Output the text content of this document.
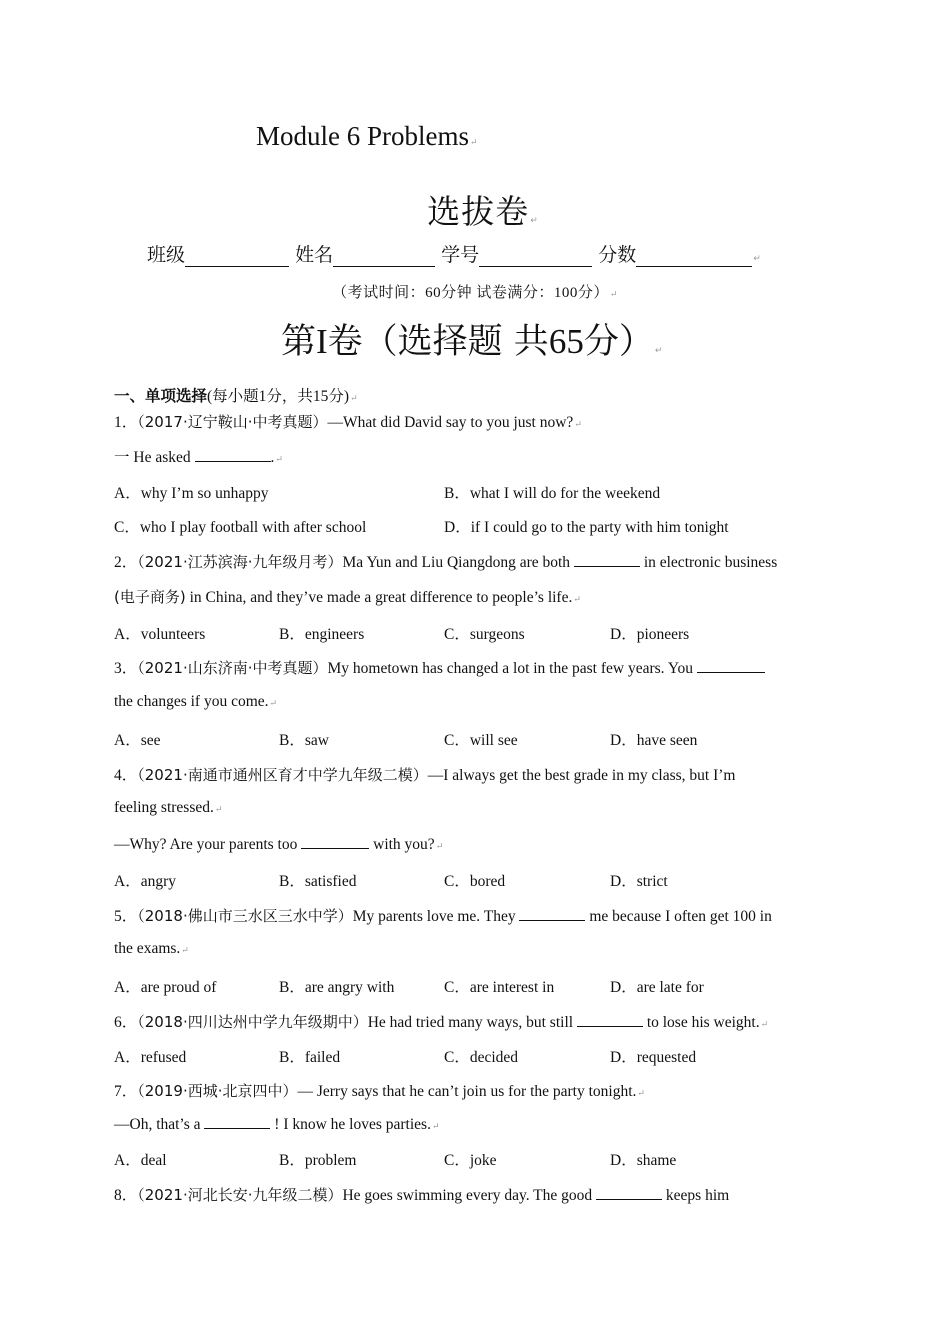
Module 6 Problems↵
选拔卷↵
班级	姓名	学号	分数	↵
（考试时间：60分钟 试卷满分：100分）↵
第I卷（选择题 共65分）↵
一、单项选择(每小题1分，共15分)↵
1．（2017·辽宁鞍山·中考真题）—What did David say to you just now?↵
一 He asked	.↵
A．why I’m so unhappy	B．what I will do for the weekend
C．who I play football with after school	D．if I could go to the party with him tonight
2．（2021·江苏滨海·九年级月考）Ma Yun and Liu Qiangdong are both	in electronic business
(电子商务) in China, and they’ve made a great difference to people’s life.↵
A．volunteers	B．engineers	C．surgeons	D．pioneers
3．（2021·山东济南·中考真题）My hometown has changed a lot in the past few years. You
the changes if you come.↵
A．see	B．saw	C．will see	D．have seen
4．（2021·南通市通州区育才中学九年级二模）—I always get the best grade in my class, but I’m
feeling stressed.↵
—Why? Are your parents too	with you?↵
A．angry	B．satisfied	C．bored	D．strict
5．（2018·佛山市三水区三水中学）My parents love me. They	me because I often get 100 in
the exams.↵
A．are proud of	B．are angry with	C．are interest in	D．are late for
6．（2018·四川达州中学九年级期中）He had tried many ways, but still	to lose his weight.↵
A．refused	B．failed	C．decided	D．requested
7．（2019·西城·北京四中）— Jerry says that he can’t join us for the party tonight.↵
—Oh, that’s a	! I know he loves parties.↵
A．deal	B．problem	C．joke	D．shame
8．（2021·河北长安·九年级二模）He goes swimming every day. The good	keeps him
